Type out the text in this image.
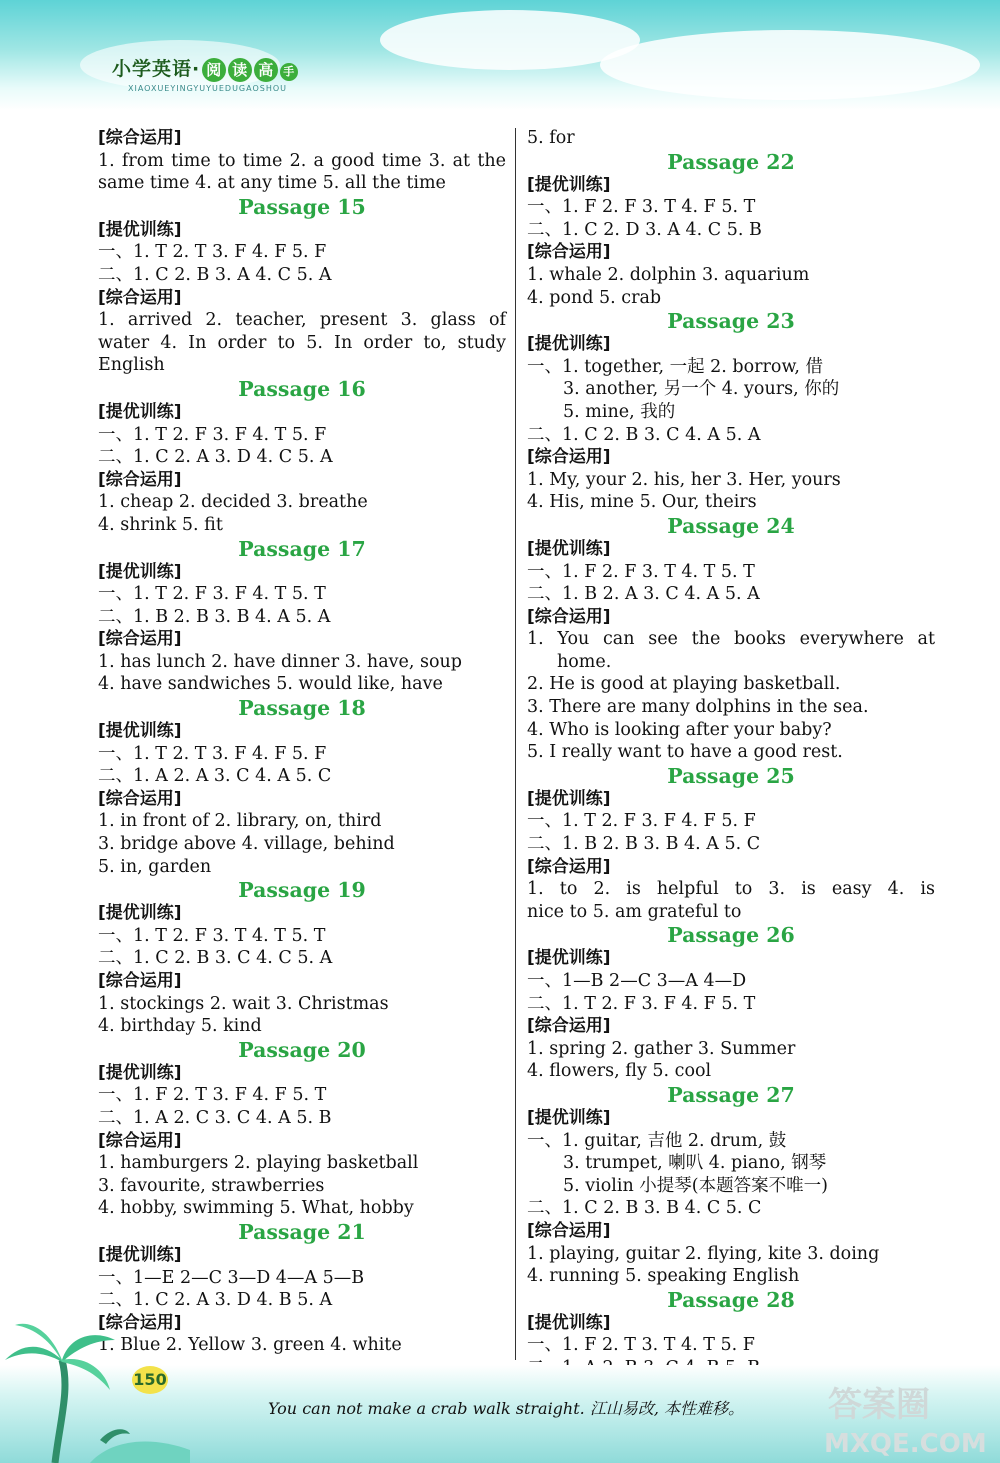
小学英语· 阅 读 高 手
XIAOXUEYINGYUYUEDUGAOSHOU
[综合运用]
1. from time to time 2. a good time 3. at the
same time 4. at any time 5. all the time
Passage 15
[提优训练]
一、1. T 2. T 3. F 4. F 5. F
二、1. C 2. B 3. A 4. C 5. A
[综合运用]
1. arrived 2. teacher, present 3. glass of
water 4. In order to 5. In order to, study
English
Passage 16
[提优训练]
一、1. T 2. F 3. F 4. T 5. F
二、1. C 2. A 3. D 4. C 5. A
[综合运用]
1. cheap 2. decided 3. breathe
4. shrink 5. fit
Passage 17
[提优训练]
一、1. T 2. F 3. F 4. T 5. T
二、1. B 2. B 3. B 4. A 5. A
[综合运用]
1. has lunch 2. have dinner 3. have, soup
4. have sandwiches 5. would like, have
Passage 18
[提优训练]
一、1. T 2. T 3. F 4. F 5. F
二、1. A 2. A 3. C 4. A 5. C
[综合运用]
1. in front of 2. library, on, third
3. bridge above 4. village, behind
5. in, garden
Passage 19
[提优训练]
一、1. T 2. F 3. T 4. T 5. T
二、1. C 2. B 3. C 4. C 5. A
[综合运用]
1. stockings 2. wait 3. Christmas
4. birthday 5. kind
Passage 20
[提优训练]
一、1. F 2. T 3. F 4. F 5. T
二、1. A 2. C 3. C 4. A 5. B
[综合运用]
1. hamburgers 2. playing basketball
3. favourite, strawberries
4. hobby, swimming 5. What, hobby
Passage 21
[提优训练]
一、1—E 2—C 3—D 4—A 5—B
二、1. C 2. A 3. D 4. B 5. A
[综合运用]
1. Blue 2. Yellow 3. green 4. white
5. for
Passage 22
[提优训练]
一、1. F 2. F 3. T 4. F 5. T
二、1. C 2. D 3. A 4. C 5. B
[综合运用]
1. whale 2. dolphin 3. aquarium
4. pond 5. crab
Passage 23
[提优训练]
一、1. together, 一起 2. borrow, 借
3. another, 另一个 4. yours, 你的
5. mine, 我的
二、1. C 2. B 3. C 4. A 5. A
[综合运用]
1. My, your 2. his, her 3. Her, yours
4. His, mine 5. Our, theirs
Passage 24
[提优训练]
一、1. F 2. F 3. T 4. T 5. T
二、1. B 2. A 3. C 4. A 5. A
[综合运用]
1. You can see the books everywhere at home.
2. He is good at playing basketball.
3. There are many dolphins in the sea.
4. Who is looking after your baby?
5. I really want to have a good rest.
Passage 25
[提优训练]
一、1. T 2. F 3. F 4. F 5. F
二、1. B 2. B 3. B 4. A 5. C
[综合运用]
1. to 2. is helpful to 3. is easy 4. is
nice to 5. am grateful to
Passage 26
[提优训练]
一、1—B 2—C 3—A 4—D
二、1. T 2. F 3. F 4. F 5. T
[综合运用]
1. spring 2. gather 3. Summer
4. flowers, fly 5. cool
Passage 27
[提优训练]
一、1. guitar, 吉他 2. drum, 鼓
3. trumpet, 喇叭 4. piano, 钢琴
5. violin 小提琴(本题答案不唯一)
二、1. C 2. B 3. B 4. C 5. C
[综合运用]
1. playing, guitar 2. flying, kite 3. doing
4. running 5. speaking English
Passage 28
[提优训练]
一、1. F 2. T 3. T 4. T 5. F
150
You can not make a crab walk straight. 江山易改, 本性难移。 答案圈
MXQE.COM
